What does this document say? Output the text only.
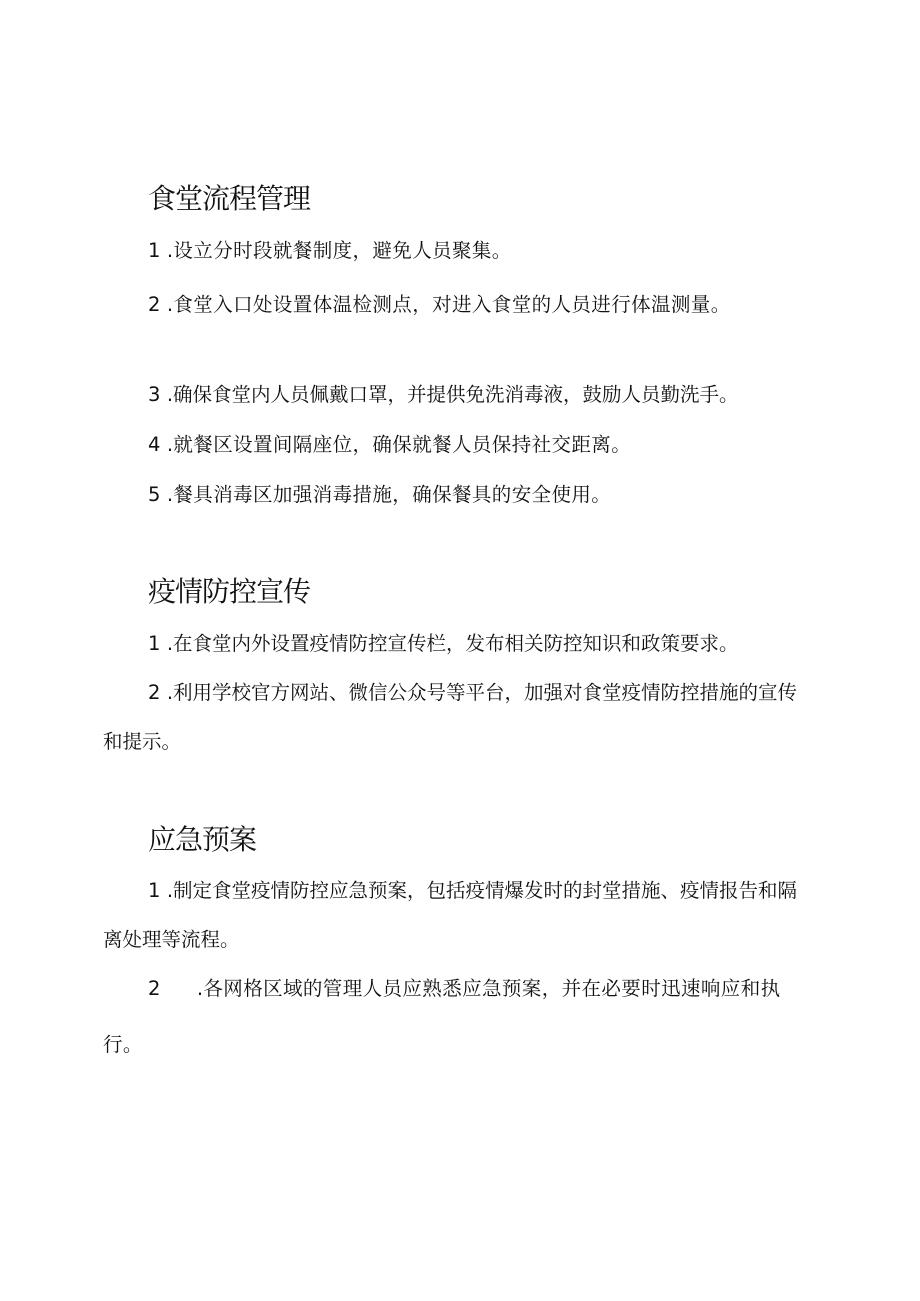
食堂流程管理

1 .设立分时段就餐制度，避免人员聚集。

2 .食堂入口处设置体温检测点，对进入食堂的人员进行体温测量。

3 .确保食堂内人员佩戴口罩，并提供免洗消毒液，鼓励人员勤洗手。

4 .就餐区设置间隔座位，确保就餐人员保持社交距离。

5 .餐具消毒区加强消毒措施，确保餐具的安全使用。

疫情防控宣传

1 .在食堂内外设置疫情防控宣传栏，发布相关防控知识和政策要求。

2 .利用学校官方网站、微信公众号等平台，加强对食堂疫情防控措施的宣传和提示。

应急预案

1 .制定食堂疫情防控应急预案，包括疫情爆发时的封堂措施、疫情报告和隔离处理等流程。

2 .各网格区域的管理人员应熟悉应急预案，并在必要时迅速响应和执行。
